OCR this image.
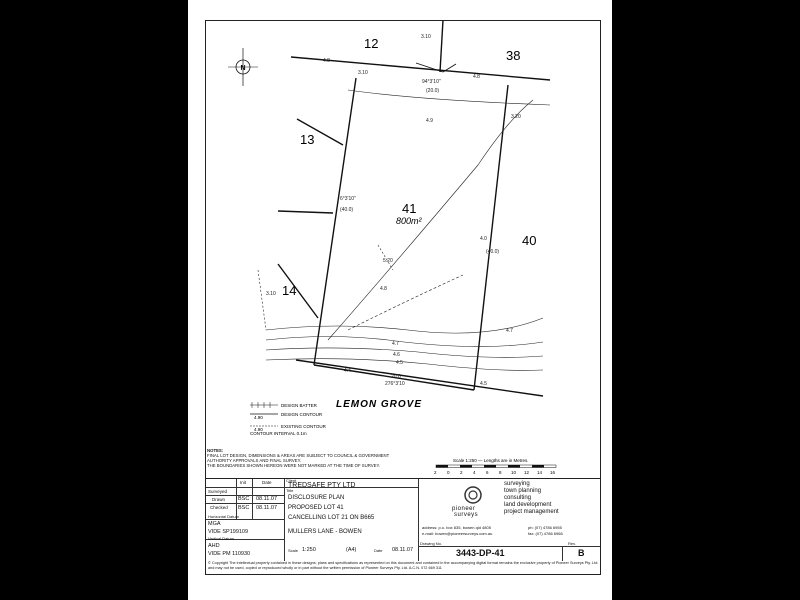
N
12
38
13
41
40
14
800m²
LEMON GROVE
4.8
3.10
3.10
94°3'10"
(20.0)
4.8
3.20
4.9
6°3'10"
(40.0)
4.0
(40.0)
5.20
4.8
4.7
4.6
4.5
4.4
20.0
276°3'10	4.5
4.7
3.10
DESIGN BATTER
4.90
DESIGN CONTOUR
4.90
EXISTING CONTOUR
CONTOUR INTERVAL 0.1m
Scale 1:250 — Lengths are in Metres.
2 0 2 4 6 8 10 12 14 16
NOTES:
FINAL LOT DESIGN, DIMENSIONS & AREAS ARE SUBJECT TO COUNCIL & GOVERNMENT
AUTHORITY APPROVALS AND FINAL SURVEY.
THE BOUNDARIES SHOWN HEREON WERE NOT MARKED AT THE TIME OF SURVEY.
Init	Date
Surveyed
Drawn BSC 08.11.07
Checked BSC 08.11.07
Horizontal Datum
MGA
VIDE SP199109
Vertical Datum
AHD
VIDE PM 110930
Client
TREDSAFE PTY LTD
Title
DISCLOSURE PLAN
PROPOSED LOT 41
CANCELLING LOT 21 ON B665
MULLERS LANE - BOWEN
Scale 1:250	(A4)	Date 08.11.07
pioneer
surveys
surveying
town planning
consulting
land development
project management
address: p.o. box 835, bowen qld 4805
e-mail: bowen@pioneersurveys.com.au
ph: (07) 4786 6955
fax: (07) 4786 6966
Drawing No.
3443-DP-41
Rev.
B
© Copyright The intellectual property contained in these designs, plans and specifications as represented on this document and contained in the accompanying digital format remains the exclusive property of Pioneer Surveys Pty. Ltd. and may not be used, copied or reproduced wholly or in part without the written permission of Pioneer Surveys Pty. Ltd. A.C.N. 072 669 311
